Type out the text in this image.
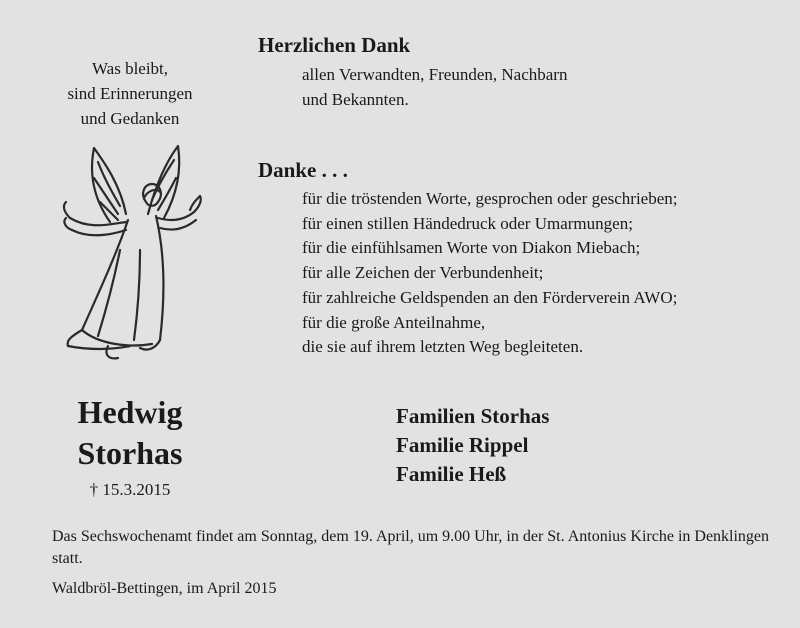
Was bleibt,
sind Erinnerungen
und Gedanken
Hedwig
Storhas
† 15.3.2015
Herzlichen Dank
allen Verwandten, Freunden, Nachbarn
und Bekannten.
Danke . . .
für die tröstenden Worte, gesprochen oder geschrieben;
für einen stillen Händedruck oder Umarmungen;
für die einfühlsamen Worte von Diakon Miebach;
für alle Zeichen der Verbundenheit;
für zahlreiche Geldspenden an den Förderverein AWO;
für die große Anteilnahme,
die sie auf ihrem letzten Weg begleiteten.
Familien Storhas
Familie Rippel
Familie Heß
Das Sechswochenamt findet am Sonntag, dem 19. April, um 9.00 Uhr, in der St. Antonius Kirche in Denklingen statt.
Waldbröl-Bettingen, im April 2015
